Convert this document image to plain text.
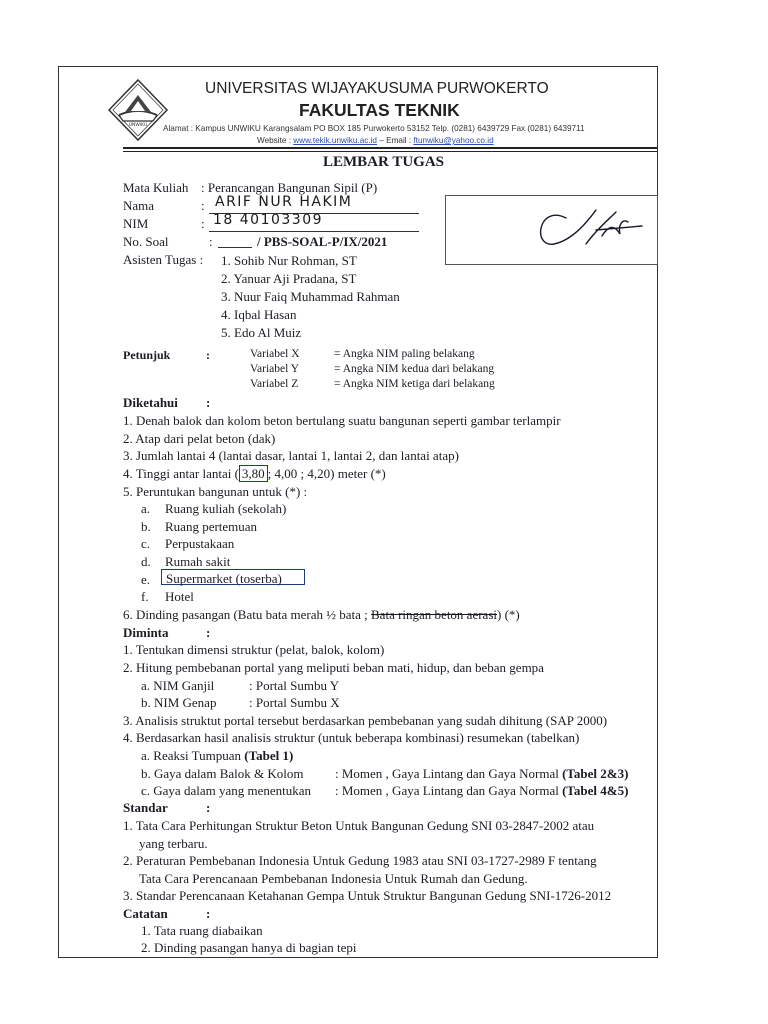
UNWIKU
UNIVERSITAS WIJAYAKUSUMA PURWOKERTO
FAKULTAS TEKNIK
Alamat : Kampus UNWIKU Karangsalam PO BOX 185 Purwokerto 53152 Telp. (0281) 6439729 Fax (0281) 6439711
Website : www.tekik.unwiku.ac.id – Email : ftunwiku@yahoo.co.id
LEMBAR TUGAS
Mata Kuliah : Perancangan Bangunan Sipil (P)
Nama	: ARIF NUR HAKIM
NIM	: 18 40103309
No. Soal	:	/ PBS-SOAL-P/IX/2021
Asisten Tugas : 1. Sohib Nur Rohman, ST
2. Yanuar Aji Pradana, ST
3. Nuur Faiq Muhammad Rahman
4. Iqbal Hasan
5. Edo Al Muiz
Petunjuk	:	Variabel X	= Angka NIM paling belakang
Variabel Y	= Angka NIM kedua dari belakang
Variabel Z	= Angka NIM ketiga dari belakang
Diketahui :
1. Denah balok dan kolom beton bertulang suatu bangunan seperti gambar terlampir
2. Atap dari pelat beton (dak)
3. Jumlah lantai 4 (lantai dasar, lantai 1, lantai 2, dan lantai atap)
4. Tinggi antar lantai ( 3,80 ; 4,00 ; 4,20) meter (*)
5. Peruntukan bangunan untuk (*) :
a. Ruang kuliah (sekolah)
b. Ruang pertemuan
c. Perpustakaan
d. Rumah sakit
e.	Supermarket (toserba)
f. Hotel
6. Dinding pasangan (Batu bata merah ½ bata ; Bata ringan beton aerasi) (*)
Diminta	:
1. Tentukan dimensi struktur (pelat, balok, kolom)
2. Hitung pembebanan portal yang meliputi beban mati, hidup, dan beban gempa
a. NIM Ganjil	: Portal Sumbu Y
b. NIM Genap	: Portal Sumbu X
3. Analisis struktut portal tersebut berdasarkan pembebanan yang sudah dihitung (SAP 2000)
4. Berdasarkan hasil analisis struktur (untuk beberapa kombinasi) resumekan (tabelkan)
a. Reaksi Tumpuan (Tabel 1)
b. Gaya dalam Balok & Kolom : Momen , Gaya Lintang dan Gaya Normal (Tabel 2&3)
c. Gaya dalam yang menentukan : Momen , Gaya Lintang dan Gaya Normal (Tabel 4&5)
Standar	:
1. Tata Cara Perhitungan Struktur Beton Untuk Bangunan Gedung SNI 03-2847-2002 atau
yang terbaru.
2. Peraturan Pembebanan Indonesia Untuk Gedung 1983 atau SNI 03-1727-2989 F tentang
Tata Cara Perencanaan Pembebanan Indonesia Untuk Rumah dan Gedung.
3. Standar Perencanaan Ketahanan Gempa Untuk Struktur Bangunan Gedung SNI-1726-2012
Catatan	:
1. Tata ruang diabaikan
2. Dinding pasangan hanya di bagian tepi
